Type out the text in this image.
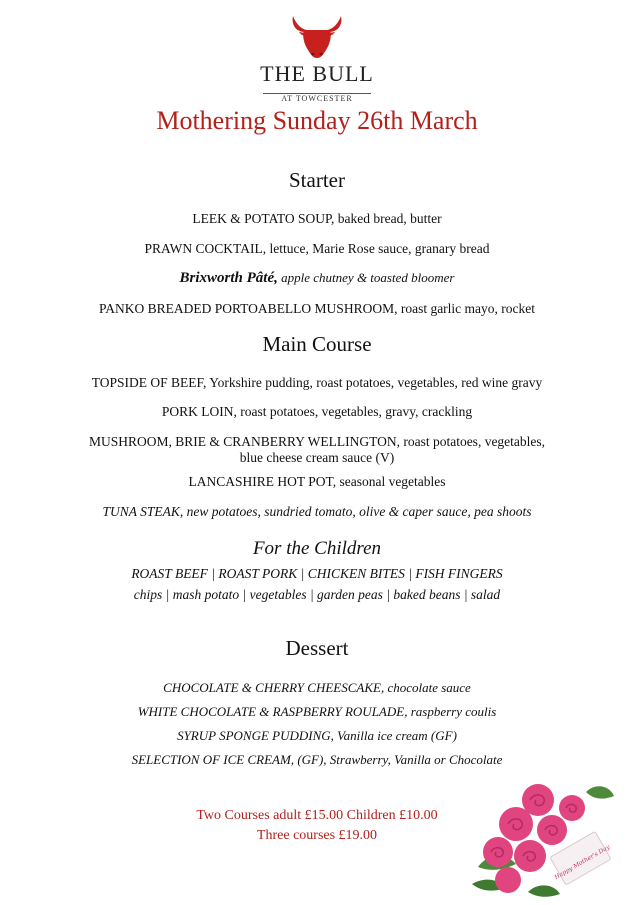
THE BULL
AT TOWCESTER
Mothering Sunday 26th March
Starter
LEEK & POTATO SOUP, baked bread, butter
PRAWN COCKTAIL, lettuce, Marie Rose sauce, granary bread
Brixworth Pâté, apple chutney & toasted bloomer
PANKO BREADED PORTOABELLO MUSHROOM, roast garlic mayo, rocket
Main Course
TOPSIDE OF BEEF, Yorkshire pudding, roast potatoes, vegetables, red wine gravy
PORK LOIN, roast potatoes, vegetables, gravy, crackling
MUSHROOM, BRIE & CRANBERRY WELLINGTON, roast potatoes, vegetables,
blue cheese cream sauce (V)
LANCASHIRE HOT POT, seasonal vegetables
TUNA STEAK, new potatoes, sundried tomato, olive & caper sauce, pea shoots
For the Children
ROAST BEEF | ROAST PORK | CHICKEN BITES | FISH FINGERS
chips | mash potato | vegetables | garden peas | baked beans | salad
Dessert
CHOCOLATE & CHERRY CHEESCAKE, chocolate sauce
WHITE CHOCOLATE & RASPBERRY ROULADE, raspberry coulis
SYRUP SPONGE PUDDING, Vanilla ice cream (GF)
SELECTION OF ICE CREAM, (GF), Strawberry, Vanilla or Chocolate
Two Courses adult £15.00 Children £10.00
Three courses £19.00
Happy Mother's Day
